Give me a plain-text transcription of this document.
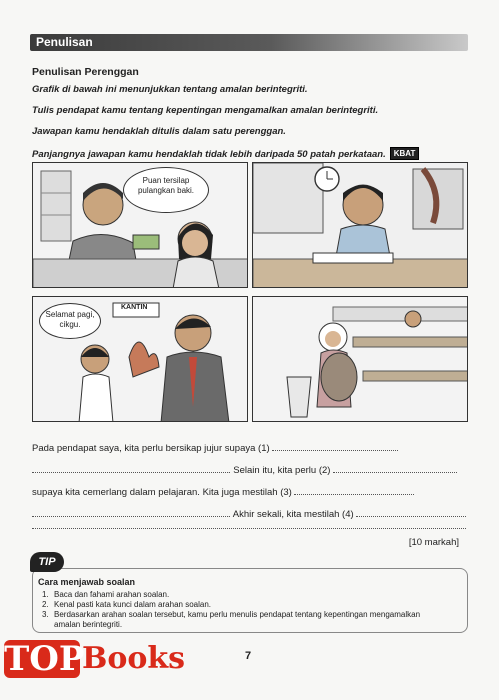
Penulisan
Penulisan Perenggan
Grafik di bawah ini menunjukkan tentang amalan berintegriti.
Tulis pendapat kamu tentang kepentingan mengamalkan amalan berintegriti.
Jawapan kamu hendaklah ditulis dalam satu perenggan.
Panjangnya jawapan kamu hendaklah tidak lebih daripada 50 patah perkataan. KBAT
Puan tersilap pulangkan baki.
Selamat pagi, cikgu.
KANTIN
Pada pendapat saya, kita perlu bersikap jujur supaya (1)
. Selain itu, kita perlu (2)
supaya kita cemerlang dalam pelajaran. Kita juga mestilah (3)
. Akhir sekali, kita mestilah (4)
[10 markah]
TIP
Cara menjawab soalan
1. Baca dan fahami arahan soalan.
2. Kenal pasti kata kunci dalam arahan soalan.
3. Berdasarkan arahan soalan tersebut, kamu perlu menulis pendapat tentang kepentingan mengamalkan
amalan berintegriti.
7
TOP
Books
